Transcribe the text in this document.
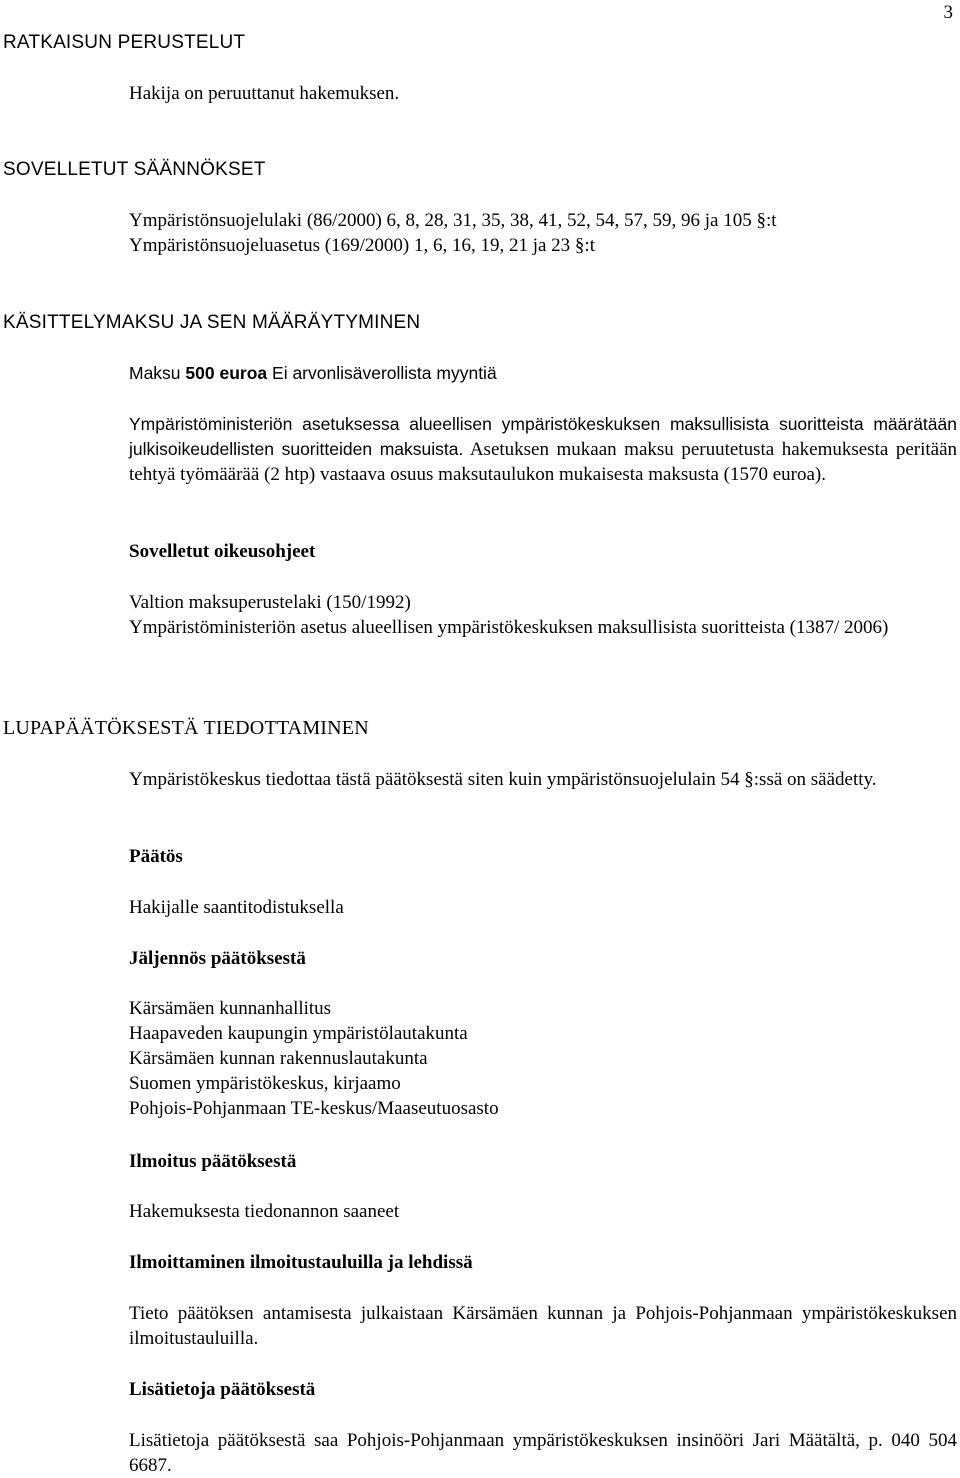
3
RATKAISUN PERUSTELUT
Hakija on peruuttanut hakemuksen.
SOVELLETUT SÄÄNNÖKSET
Ympäristönsuojelulaki (86/2000) 6, 8, 28, 31, 35, 38, 41, 52, 54, 57, 59, 96 ja 105 §:t
Ympäristönsuojeluasetus (169/2000) 1, 6, 16, 19, 21 ja 23 §:t
KÄSITTELYMAKSU JA SEN MÄÄRÄYTYMINEN
Maksu 500 euroa Ei arvonlisäverollista myyntiä
Ympäristöministeriön asetuksessa alueellisen ympäristökeskuksen maksullisista suoritteista määrätään julkisoikeudellisten suoritteiden maksuista. Asetuksen mukaan maksu peruutetusta hakemuksesta peritään tehtyä työmäärää (2 htp) vastaava osuus maksutaulukon mukaisesta maksusta (1570 euroa).
Sovelletut oikeusohjeet
Valtion maksuperustelaki (150/1992)
Ympäristöministeriön asetus alueellisen ympäristökeskuksen maksullisista suoritteista (1387/ 2006)
LUPAPÄÄTÖKSESTÄ TIEDOTTAMINEN
Ympäristökeskus tiedottaa tästä päätöksestä siten kuin ympäristönsuojelulain 54 §:ssä on säädetty.
Päätös
Hakijalle saantitodistuksella
Jäljennös päätöksestä
Kärsämäen kunnanhallitus
Haapaveden kaupungin ympäristölautakunta
Kärsämäen kunnan rakennuslautakunta
Suomen ympäristökeskus, kirjaamo
Pohjois-Pohjanmaan TE-keskus/Maaseutuosasto
Ilmoitus päätöksestä
Hakemuksesta tiedonannon saaneet
Ilmoittaminen ilmoitustauluilla ja lehdissä
Tieto päätöksen antamisesta julkaistaan Kärsämäen kunnan ja Pohjois-Pohjanmaan ympäristökeskuksen ilmoitustauluilla.
Lisätietoja päätöksestä
Lisätietoja päätöksestä saa Pohjois-Pohjanmaan ympäristökeskuksen insinööri Jari Määtältä, p. 040 504 6687.
